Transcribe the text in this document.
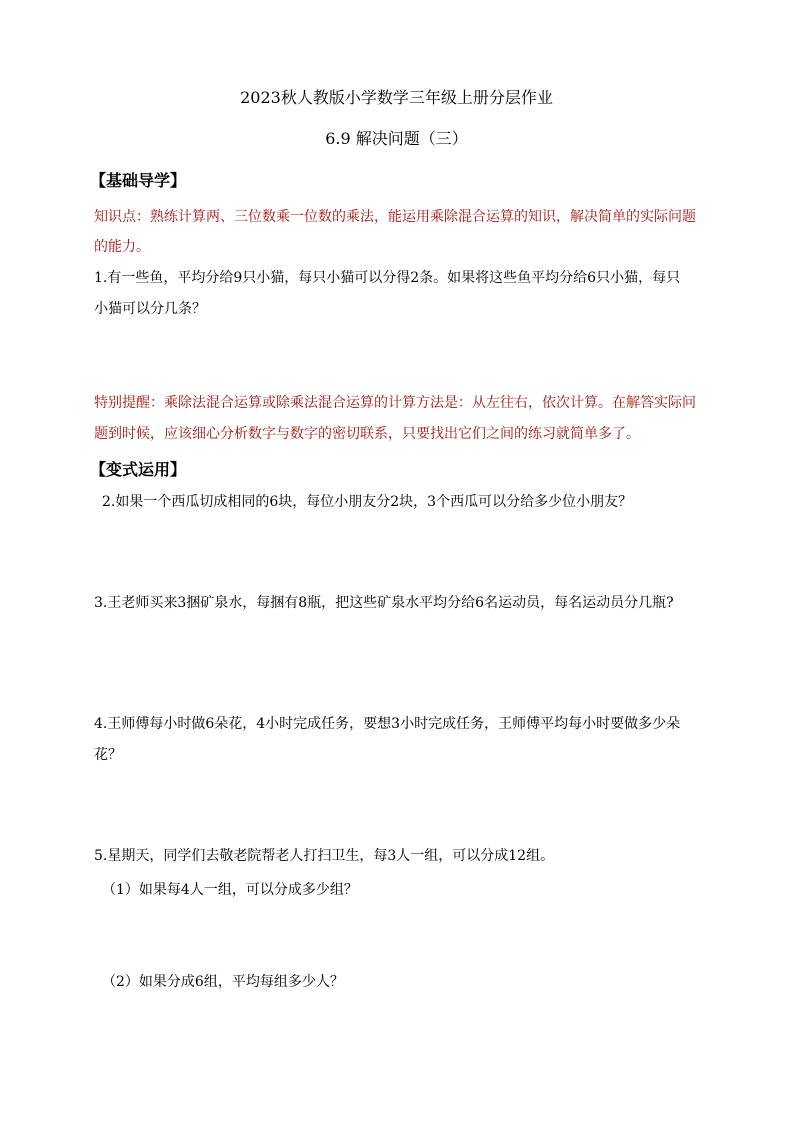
2023秋人教版小学数学三年级上册分层作业
6.9 解决问题（三）
【基础导学】
知识点：熟练计算两、三位数乘一位数的乘法，能运用乘除混合运算的知识，解决简单的实际问题
的能力。
1.有一些鱼，平均分给9只小猫，每只小猫可以分得2条。如果将这些鱼平均分给6只小猫，每只
小猫可以分几条？
特别提醒：乘除法混合运算或除乘法混合运算的计算方法是：从左往右，依次计算。在解答实际问
题到时候，应该细心分析数字与数字的密切联系，只要找出它们之间的练习就简单多了。
【变式运用】
2.如果一个西瓜切成相同的6块，每位小朋友分2块，3个西瓜可以分给多少位小朋友？
3.王老师买来3捆矿泉水，每捆有8瓶，把这些矿泉水平均分给6名运动员，每名运动员分几瓶?
4.王师傅每小时做6朵花，4小时完成任务，要想3小时完成任务，王师傅平均每小时要做多少朵
花？
5.星期天，同学们去敬老院帮老人打扫卫生，每3人一组，可以分成12组。
（1）如果每4人一组，可以分成多少组？
（2）如果分成6组，平均每组多少人？
